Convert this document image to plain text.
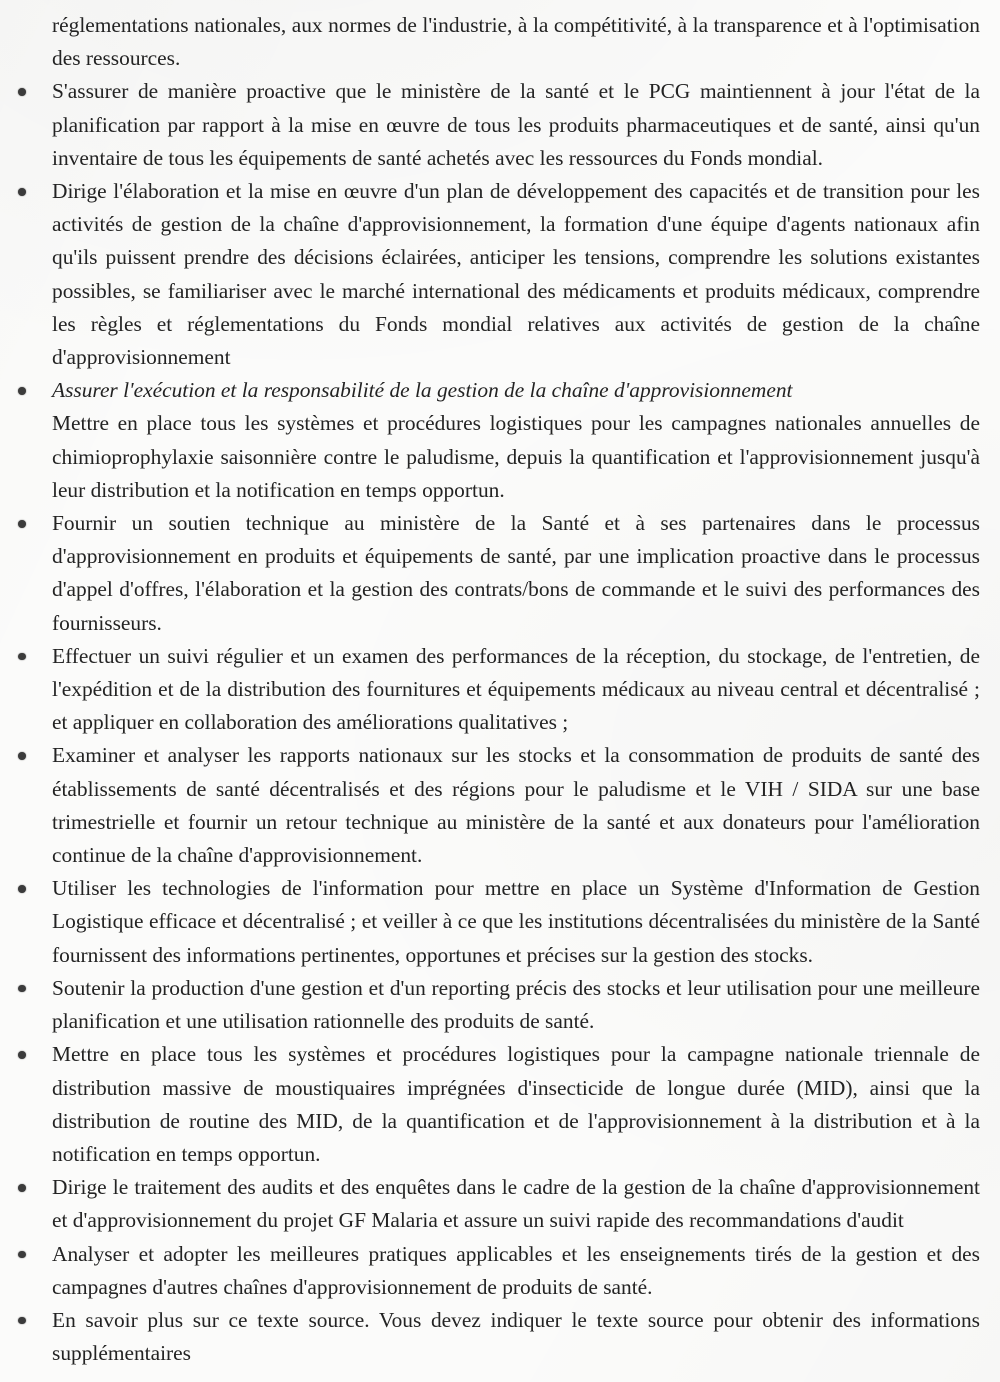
réglementations nationales, aux normes de l'industrie, à la compétitivité, à la transparence et à l'optimisation des ressources.

S'assurer de manière proactive que le ministère de la santé et le PCG maintiennent à jour l'état de la planification par rapport à la mise en œuvre de tous les produits pharmaceutiques et de santé, ainsi qu'un inventaire de tous les équipements de santé achetés avec les ressources du Fonds mondial.
Dirige l'élaboration et la mise en œuvre d'un plan de développement des capacités et de transition pour les activités de gestion de la chaîne d'approvisionnement, la formation d'une équipe d'agents nationaux afin qu'ils puissent prendre des décisions éclairées, anticiper les tensions, comprendre les solutions existantes possibles, se familiariser avec le marché international des médicaments et produits médicaux, comprendre les règles et réglementations du Fonds mondial relatives aux activités de gestion de la chaîne d'approvisionnement
Assurer l'exécution et la responsabilité de la gestion de la chaîne d'approvisionnement
Mettre en place tous les systèmes et procédures logistiques pour les campagnes nationales annuelles de chimioprophylaxie saisonnière contre le paludisme, depuis la quantification et l'approvisionnement jusqu'à leur distribution et la notification en temps opportun.
Fournir un soutien technique au ministère de la Santé et à ses partenaires dans le processus d'approvisionnement en produits et équipements de santé, par une implication proactive dans le processus d'appel d'offres, l'élaboration et la gestion des contrats/bons de commande et le suivi des performances des fournisseurs.
Effectuer un suivi régulier et un examen des performances de la réception, du stockage, de l'entretien, de l'expédition et de la distribution des fournitures et équipements médicaux au niveau central et décentralisé ; et appliquer en collaboration des améliorations qualitatives ;
Examiner et analyser les rapports nationaux sur les stocks et la consommation de produits de santé des établissements de santé décentralisés et des régions pour le paludisme et le VIH / SIDA sur une base trimestrielle et fournir un retour technique au ministère de la santé et aux donateurs pour l'amélioration continue de la chaîne d'approvisionnement.
Utiliser les technologies de l'information pour mettre en place un Système d'Information de Gestion Logistique efficace et décentralisé ; et veiller à ce que les institutions décentralisées du ministère de la Santé fournissent des informations pertinentes, opportunes et précises sur la gestion des stocks.
Soutenir la production d'une gestion et d'un reporting précis des stocks et leur utilisation pour une meilleure planification et une utilisation rationnelle des produits de santé.
Mettre en place tous les systèmes et procédures logistiques pour la campagne nationale triennale de distribution massive de moustiquaires imprégnées d'insecticide de longue durée (MID), ainsi que la distribution de routine des MID, de la quantification et de l'approvisionnement à la distribution et à la notification en temps opportun.
Dirige le traitement des audits et des enquêtes dans le cadre de la gestion de la chaîne d'approvisionnement et d'approvisionnement du projet GF Malaria et assure un suivi rapide des recommandations d'audit
Analyser et adopter les meilleures pratiques applicables et les enseignements tirés de la gestion et des campagnes d'autres chaînes d'approvisionnement de produits de santé.
En savoir plus sur ce texte source. Vous devez indiquer le texte source pour obtenir des informations supplémentaires
